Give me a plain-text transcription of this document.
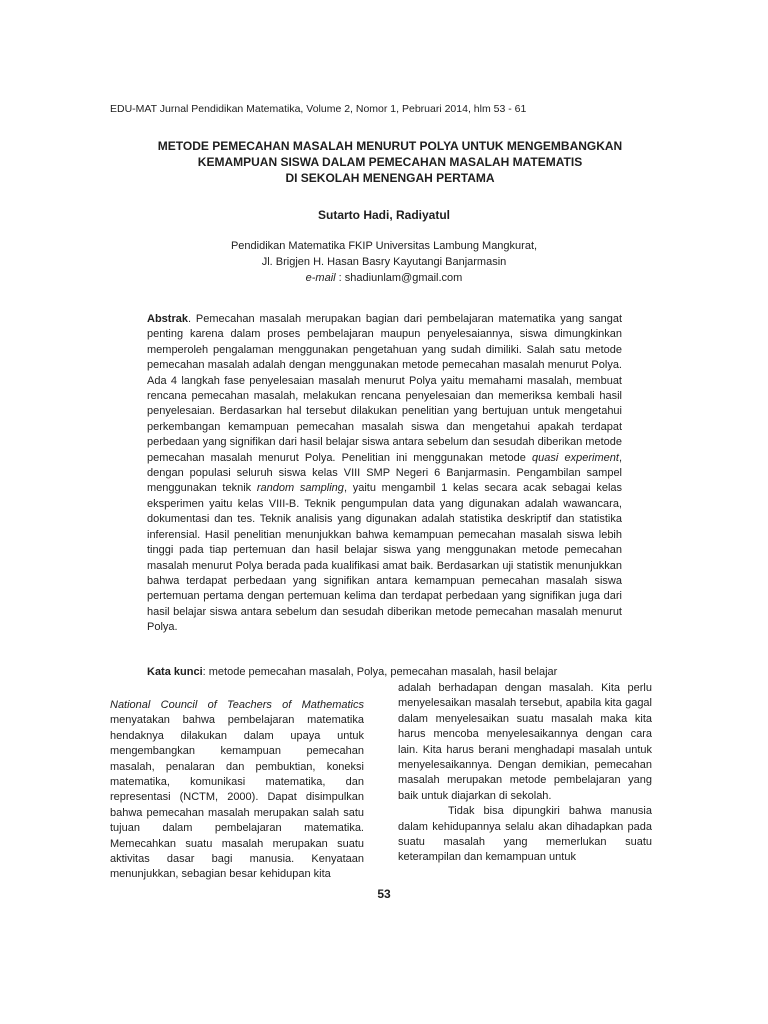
EDU-MAT Jurnal Pendidikan Matematika, Volume 2, Nomor 1, Pebruari 2014, hlm 53 - 61
METODE PEMECAHAN MASALAH MENURUT POLYA UNTUK MENGEMBANGKAN
KEMAMPUAN SISWA DALAM PEMECAHAN MASALAH MATEMATIS
DI SEKOLAH MENENGAH PERTAMA
Sutarto Hadi, Radiyatul
Pendidikan Matematika FKIP Universitas Lambung Mangkurat,
Jl. Brigjen H. Hasan Basry Kayutangi Banjarmasin
e-mail : shadiunlam@gmail.com

Abstrak. Pemecahan masalah merupakan bagian dari pembelajaran matematika yang sangat penting karena dalam proses pembelajaran maupun penyelesaiannya, siswa dimungkinkan memperoleh pengalaman menggunakan pengetahuan yang sudah dimiliki. Salah satu metode pemecahan masalah adalah dengan menggunakan metode pemecahan masalah menurut Polya. Ada 4 langkah fase penyelesaian masalah menurut Polya yaitu memahami masalah, membuat rencana pemecahan masalah, melakukan rencana penyelesaian dan memeriksa kembali hasil penyelesaian. Berdasarkan hal tersebut dilakukan penelitian yang bertujuan untuk mengetahui perkembangan kemampuan pemecahan masalah siswa dan mengetahui apakah terdapat perbedaan yang signifikan dari hasil belajar siswa antara sebelum dan sesudah diberikan metode pemecahan masalah menurut Polya. Penelitian ini menggunakan metode quasi experiment, dengan populasi seluruh siswa kelas VIII SMP Negeri 6 Banjarmasin. Pengambilan sampel menggunakan teknik random sampling, yaitu mengambil 1 kelas secara acak sebagai kelas eksperimen yaitu kelas VIII-B. Teknik pengumpulan data yang digunakan adalah wawancara, dokumentasi dan tes. Teknik analisis yang digunakan adalah statistika deskriptif dan statistika inferensial. Hasil penelitian menunjukkan bahwa kemampuan pemecahan masalah siswa lebih tinggi pada tiap pertemuan dan hasil belajar siswa yang menggunakan metode pemecahan masalah menurut Polya berada pada kualifikasi amat baik. Berdasarkan uji statistik menunjukkan bahwa terdapat perbedaan yang signifikan antara kemampuan pemecahan masalah siswa pertemuan pertama dengan pertemuan kelima dan terdapat perbedaan yang signifikan juga dari hasil belajar siswa antara sebelum dan sesudah diberikan metode pemecahan masalah menurut Polya.

Kata kunci: metode pemecahan masalah, Polya, pemecahan masalah, hasil belajar

National Council of Teachers of Mathematics menyatakan bahwa pembelajaran matematika hendaknya dilakukan dalam upaya untuk mengembangkan kemampuan pemecahan masalah, penalaran dan pembuktian, koneksi matematika, komunikasi matematika, dan representasi (NCTM, 2000). Dapat disimpulkan bahwa pemecahan masalah merupakan salah satu tujuan dalam pembelajaran matematika. Memecahkan suatu masalah merupakan suatu aktivitas dasar bagi manusia. Kenyataan menunjukkan, sebagian besar kehidupan kita

adalah berhadapan dengan masalah. Kita perlu menyelesaikan masalah tersebut, apabila kita gagal dalam menyelesaikan suatu masalah maka kita harus mencoba menyelesaikannya dengan cara lain. Kita harus berani menghadapi masalah untuk menyelesaikannya. Dengan demikian, pemecahan masalah merupakan metode pembelajaran yang baik untuk diajarkan di sekolah.

Tidak bisa dipungkiri bahwa manusia dalam kehidupannya selalu akan dihadapkan pada suatu masalah yang memerlukan suatu keterampilan dan kemampuan untuk

53
